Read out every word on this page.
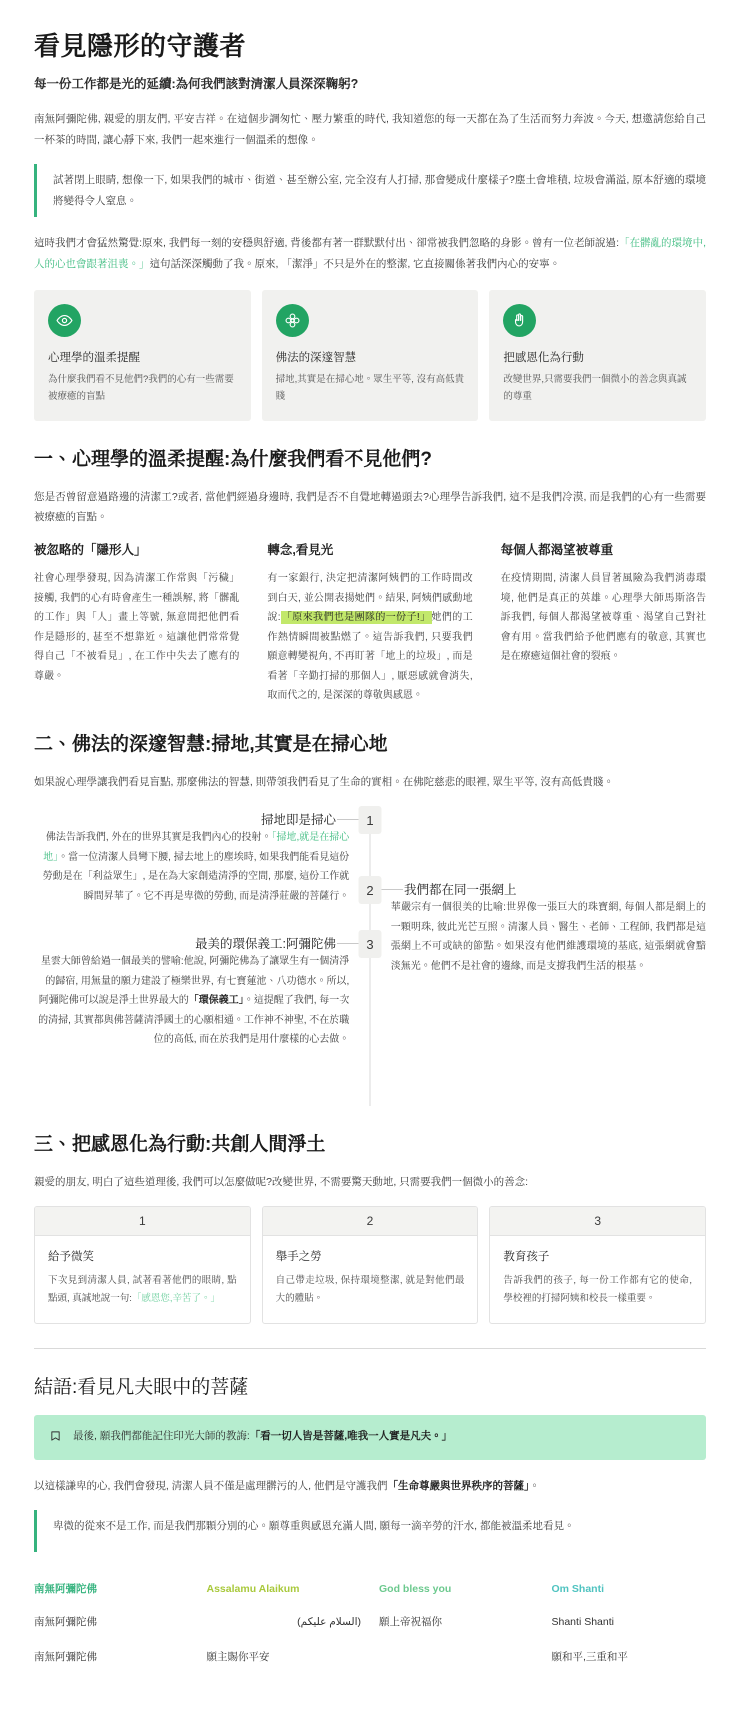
看見隱形的守護者
每一份工作都是光的延續:為何我們該對清潔人員深深鞠躬?

南無阿彌陀佛, 親愛的朋友們, 平安吉祥。在這個步調匆忙、壓力繁重的時代, 我知道您的每一天都在為了生活而努力奔波。今天, 想邀請您給自己一杯茶的時間, 讓心靜下來, 我們一起來進行一個溫柔的想像。

試著閉上眼睛, 想像一下, 如果我們的城市、街道、甚至辦公室, 完全沒有人打掃, 那會變成什麼樣子?塵土會堆積, 垃圾會滿溢, 原本舒適的環境將變得令人窒息。

這時我們才會猛然驚覺:原來, 我們每一刻的安穩與舒適, 背後都有著一群默默付出、卻常被我們忽略的身影。曾有一位老師說過:「在髒亂的環境中,人的心也會跟著沮喪。」這句話深深觸動了我。原來, 「潔淨」不只是外在的整潔, 它直接關係著我們內心的安寧。

心理學的溫柔提醒
為什麼我們看不見他們?我們的心有一些需要被療癒的盲點
佛法的深邃智慧
掃地,其實是在掃心地。眾生平等, 沒有高低貴賤
把感恩化為行動
改變世界,只需要我們一個微小的善念與真誠的尊重
一、心理學的溫柔提醒:為什麼我們看不見他們?

您是否曾留意過路邊的清潔工?或者, 當他們經過身邊時, 我們是否不自覺地轉過頭去?心理學告訴我們, 這不是我們冷漠, 而是我們的心有一些需要被療癒的盲點。

被忽略的「隱形人」

社會心理學發現, 因為清潔工作常與「污穢」接觸, 我們的心有時會產生一種誤解, 將「髒亂的工作」與「人」畫上等號, 無意間把他們看作是隱形的, 甚至不想靠近。這讓他們常常覺得自己「不被看見」, 在工作中失去了應有的尊嚴。

轉念,看見光

有一家銀行, 決定把清潔阿姨們的工作時間改到白天, 並公開表揚她們。結果, 阿姨們感動地說:「原來我們也是團隊的一份子!」她們的工作熱情瞬間被點燃了。這告訴我們, 只要我們願意轉變視角, 不再盯著「地上的垃圾」, 而是看著「辛勤打掃的那個人」, 厭惡感就會消失, 取而代之的, 是深深的尊敬與感恩。

每個人都渴望被尊重

在疫情期間, 清潔人員冒著風險為我們消毒環境, 他們是真正的英雄。心理學大師馬斯洛告訴我們, 每個人都渴望被尊重、渴望自己對社會有用。當我們給予他們應有的敬意, 其實也是在療癒這個社會的裂痕。

二、佛法的深邃智慧:掃地,其實是在掃心地

如果說心理學讓我們看見盲點, 那麼佛法的智慧, 則帶領我們看見了生命的實相。在佛陀慈悲的眼裡, 眾生平等, 沒有高低貴賤。

1
掃地即是掃心

佛法告訴我們, 外在的世界其實是我們內心的投射。「掃地,就是在掃心地」。當一位清潔人員彎下腰, 掃去地上的塵埃時, 如果我們能看見這份勞動是在「利益眾生」, 是在為大家創造清淨的空間, 那麼, 這份工作就瞬間昇華了。它不再是卑微的勞動, 而是清淨莊嚴的菩薩行。	2	我們都在同一張網上

華嚴宗有一個很美的比喻:世界像一張巨大的珠寶網, 每個人都是網上的一顆明珠, 彼此光芒互照。清潔人員、醫生、老師、工程師, 我們都是這張網上不可或缺的節點。如果沒有他們維護環境的基底, 這張網就會黯淡無光。他們不是社會的邊緣, 而是支撐我們生活的根基。

3
最美的環保義工:阿彌陀佛

星雲大師曾給過一個最美的譬喻:他說, 阿彌陀佛為了讓眾生有一個清淨的歸宿, 用無量的願力建設了極樂世界, 有七寶蓮池、八功德水。所以, 阿彌陀佛可以說是淨土世界最大的「環保義工」。這提醒了我們, 每一次的清掃, 其實都與佛菩薩清淨國土的心願相通。工作神不神聖, 不在於職位的高低, 而在於我們是用什麼樣的心去做。

三、把感恩化為行動:共創人間淨土

親愛的朋友, 明白了這些道理後, 我們可以怎麼做呢?改變世界, 不需要驚天動地, 只需要我們一個微小的善念:

1
給予微笑
下次見到清潔人員, 試著看著他們的眼睛, 點點頭, 真誠地說一句:「感恩您,辛苦了。」
2
舉手之勞
自己帶走垃圾, 保持環境整潔, 就是對他們最大的體貼。
3
教育孩子
告訴我們的孩子, 每一份工作都有它的使命, 學校裡的打掃阿姨和校長一樣重要。
結語:看見凡夫眼中的菩薩
最後, 願我們都能記住印光大師的教誨:「看一切人皆是菩薩,唯我一人實是凡夫。」

以這樣謙卑的心, 我們會發現, 清潔人員不僅是處理髒污的人, 他們是守護我們「生命尊嚴與世界秩序的菩薩」。

卑微的從來不是工作, 而是我們那顆分別的心。願尊重與感恩充滿人間, 願每一滴辛勞的汗水, 都能被溫柔地看見。

南無阿彌陀佛
南無阿彌陀佛
南無阿彌陀佛
Assalamu Alaikum
(السلام عليكم)
願主賜你平安
God bless you
願上帝祝福你
Om Shanti
Shanti Shanti
願和平,三重和平
